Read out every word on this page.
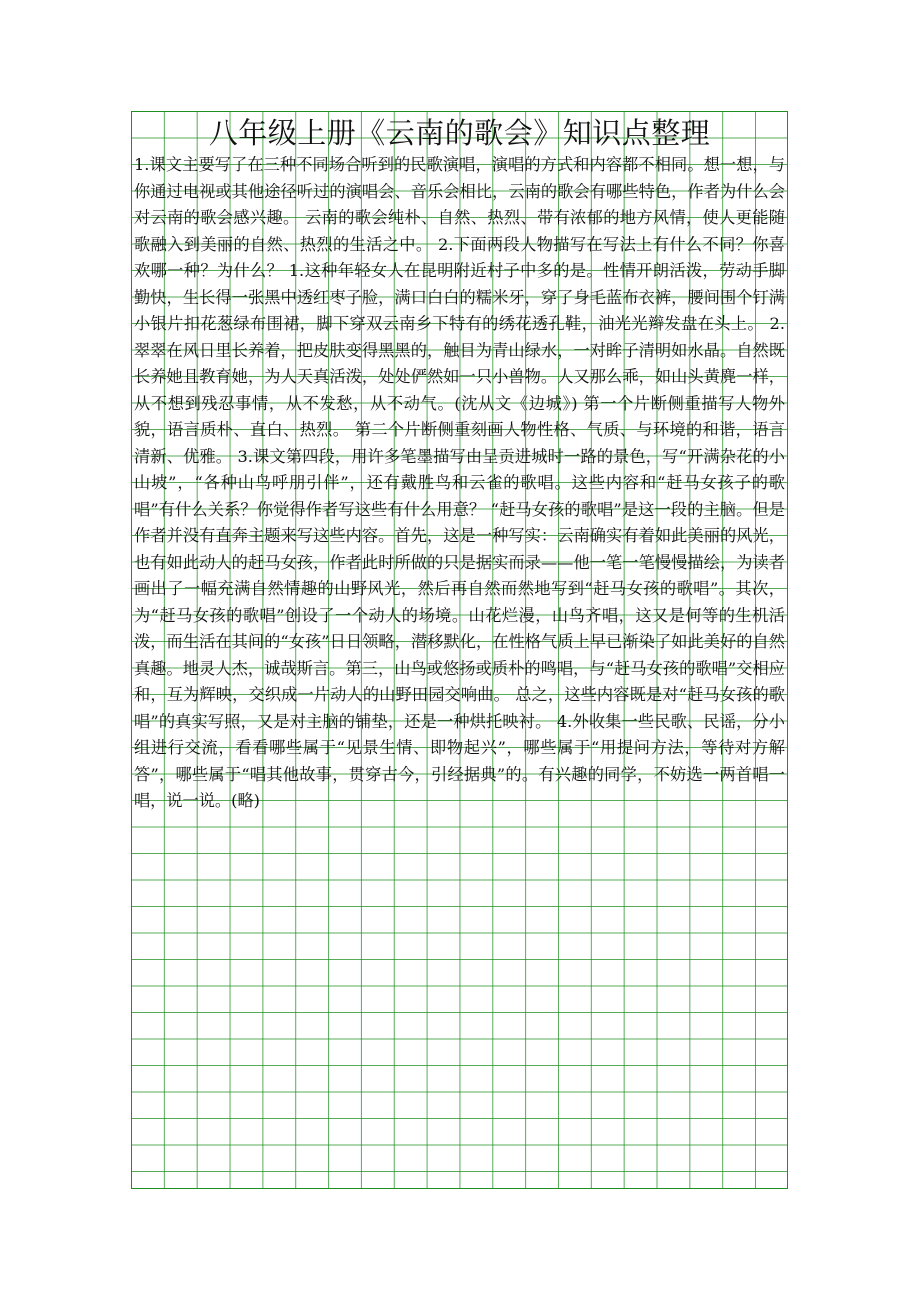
八年级上册《云南的歌会》知识点整理

1.课文主要写了在三种不同场合听到的民歌演唱，演唱的方式和内容都不相同。想一想，与你通过电视或其他途径听过的演唱会、音乐会相比，云南的歌会有哪些特色，作者为什么会对云南的歌会感兴趣。 云南的歌会纯朴、自然、热烈、带有浓郁的地方风情，使人更能随歌融入到美丽的自然、热烈的生活之中。 2.下面两段人物描写在写法上有什么不同？你喜欢哪一种？为什么？ 1.这种年轻女人在昆明附近村子中多的是。性情开朗活泼，劳动手脚勤快，生长得一张黑中透红枣子脸，满口白白的糯米牙，穿了身毛蓝布衣裤，腰间围个钉满小银片扣花葱绿布围裙，脚下穿双云南乡下特有的绣花透孔鞋，油光光辫发盘在头上。 2.翠翠在风日里长养着，把皮肤变得黑黑的，触目为青山绿水，一对眸子清明如水晶。自然既长养她且教育她，为人天真活泼，处处俨然如一只小兽物。人又那么乖，如山头黄麂一样，从不想到残忍事情，从不发愁，从不动气。(沈从文《边城》) 第一个片断侧重描写人物外貌，语言质朴、直白、热烈。 第二个片断侧重刻画人物性格、气质、与环境的和谐，语言清新、优雅。 3.课文第四段，用许多笔墨描写由呈贡进城时一路的景色，写“开满杂花的小山坡”，“各种山鸟呼朋引伴”，还有戴胜鸟和云雀的歌唱。这些内容和“赶马女孩子的歌唱”有什么关系？你觉得作者写这些有什么用意？ “赶马女孩的歌唱”是这一段的主脑。但是作者并没有直奔主题来写这些内容。首先，这是一种写实：云南确实有着如此美丽的风光，也有如此动人的赶马女孩，作者此时所做的只是据实而录——他一笔一笔慢慢描绘，为读者画出了一幅充满自然情趣的山野风光，然后再自然而然地写到“赶马女孩的歌唱”。其次，为“赶马女孩的歌唱”创设了一个动人的场境。山花烂漫，山鸟齐唱，这又是何等的生机活泼，而生活在其间的“女孩”日日领略，潜移默化，在性格气质上早已渐染了如此美好的自然真趣。地灵人杰，诚哉斯言。第三，山鸟或悠扬或质朴的鸣唱，与“赶马女孩的歌唱”交相应和，互为辉映，交织成一片动人的山野田园交响曲。 总之，这些内容既是对“赶马女孩的歌唱”的真实写照，又是对主脑的铺垫，还是一种烘托映衬。 4.外收集一些民歌、民谣，分小组进行交流，看看哪些属于“见景生情、即物起兴”，哪些属于“用提问方法，等待对方解答”，哪些属于“唱其他故事，贯穿古今，引经据典”的。有兴趣的同学，不妨选一两首唱一唱，说一说。(略)
